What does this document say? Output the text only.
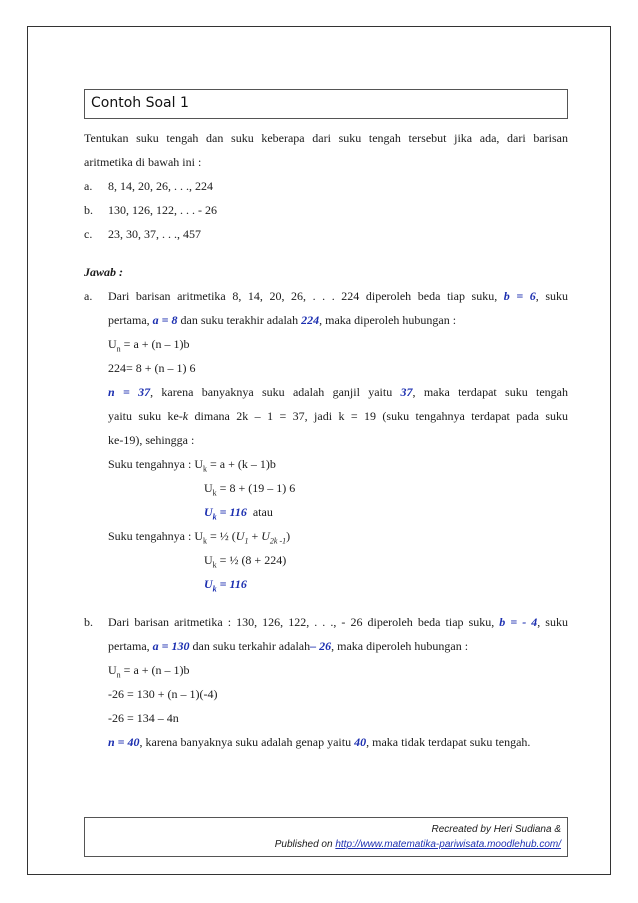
Contoh Soal 1
Tentukan suku tengah dan suku keberapa dari suku tengah tersebut jika ada, dari barisan
aritmetika di bawah ini :
a. 8, 14, 20, 26, . . ., 224
b. 130, 126, 122, . . . - 26
c. 23, 30, 37, . . ., 457
Jawab :
a. Dari barisan aritmetika 8, 14, 20, 26, . . . 224 diperoleh beda tiap suku, b = 6, suku
pertama, a = 8 dan suku terakhir adalah 224, maka diperoleh hubungan :
$U_n = a + (n - 1)b$
224= 8 + (n – 1) 6
n = 37, karena banyaknya suku adalah ganjil yaitu 37, maka terdapat suku tengah
yaitu suku ke-k dimana 2k – 1 = 37, jadi k = 19 (suku tengahnya terdapat pada suku
ke-19), sehingga :
Suku tengahnya : $U_k = a + (k - 1)b$
$U_k = 8 + (19 - 1)$ 6
$U_k = 116$ atau
Suku tengahnya : $U_k$ = ½ $(U_1 + U_{2k -1})$
$U_k$ = ½ (8 + 224)
$U_k = 116$
b. Dari barisan aritmetika : 130, 126, 122, . . ., - 26 diperoleh beda tiap suku, b = - 4, suku
pertama, a = 130 dan suku terkahir adalah– 26, maka diperoleh hubungan :
$U_n = a + (n - 1)b$
-26 = 130 + (n – 1)(-4)
-26 = 134 – 4n
n = 40, karena banyaknya suku adalah genap yaitu 40, maka tidak terdapat suku tengah.
Recreated by Heri Sudiana &
Published on http://www.matematika-pariwisata.moodlehub.com/
